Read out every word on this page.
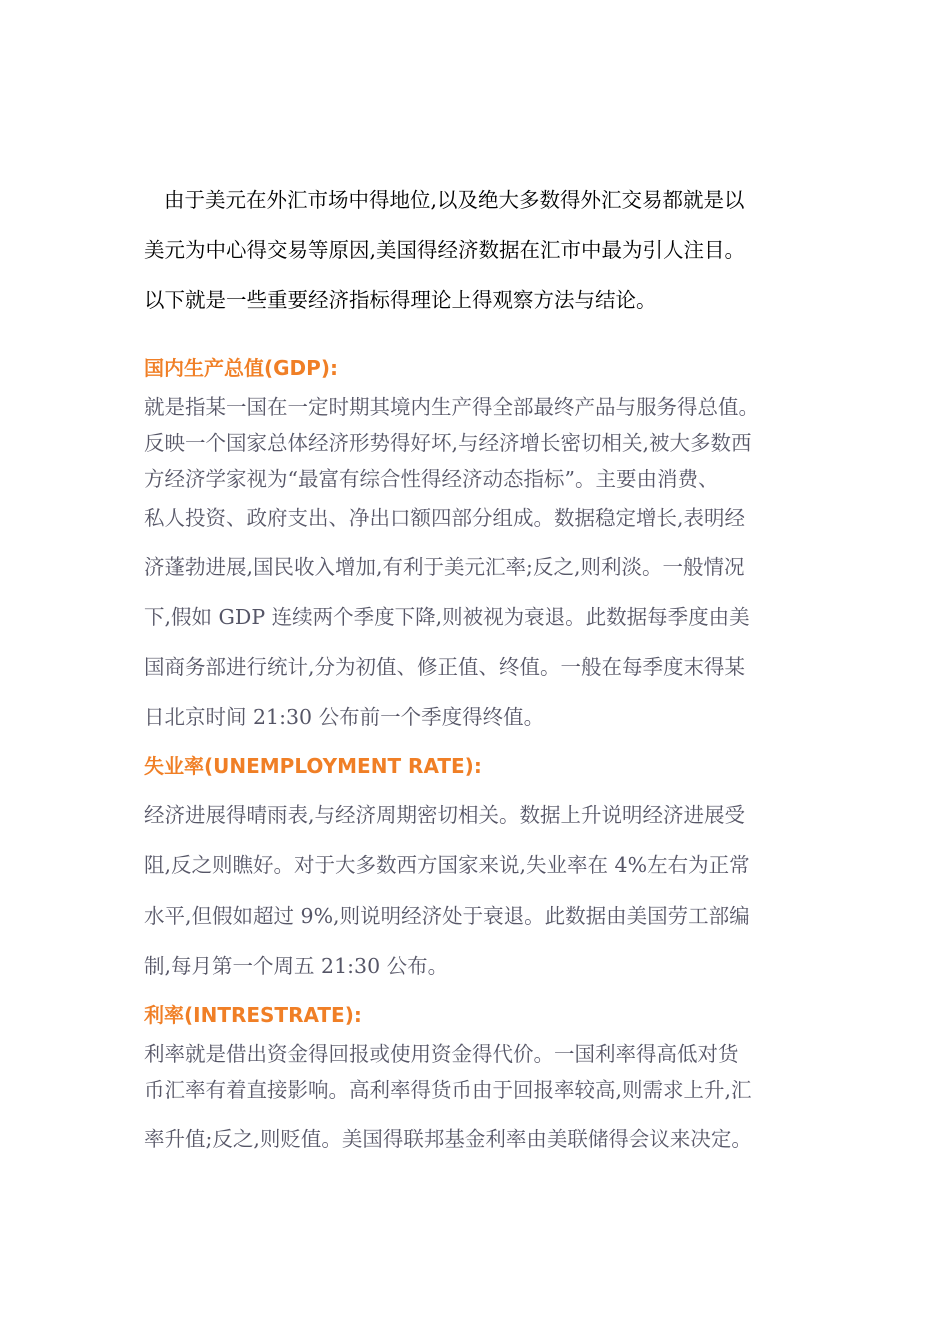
由于美元在外汇市场中得地位,以及绝大多数得外汇交易都就是以
美元为中心得交易等原因,美国得经济数据在汇市中最为引人注目。
以下就是一些重要经济指标得理论上得观察方法与结论。
国内生产总值(GDP):
就是指某一国在一定时期其境内生产得全部最终产品与服务得总值。
反映一个国家总体经济形势得好坏,与经济增长密切相关,被大多数西
方经济学家视为“最富有综合性得经济动态指标”。主要由消费、
私人投资、政府支出、净出口额四部分组成。数据稳定增长,表明经
济蓬勃进展,国民收入增加,有利于美元汇率;反之,则利淡。一般情况
下,假如 GDP 连续两个季度下降,则被视为衰退。此数据每季度由美
国商务部进行统计,分为初值、修正值、终值。一般在每季度末得某
日北京时间 21:30 公布前一个季度得终值。
失业率(UNEMPLOYMENT RATE):
经济进展得晴雨表,与经济周期密切相关。数据上升说明经济进展受
阻,反之则瞧好。对于大多数西方国家来说,失业率在 4%左右为正常
水平,但假如超过 9%,则说明经济处于衰退。此数据由美国劳工部编
制,每月第一个周五 21:30 公布。
利率(INTRESTRATE):
利率就是借出资金得回报或使用资金得代价。一国利率得高低对货
币汇率有着直接影响。高利率得货币由于回报率较高,则需求上升,汇
率升值;反之,则贬值。美国得联邦基金利率由美联储得会议来决定。
